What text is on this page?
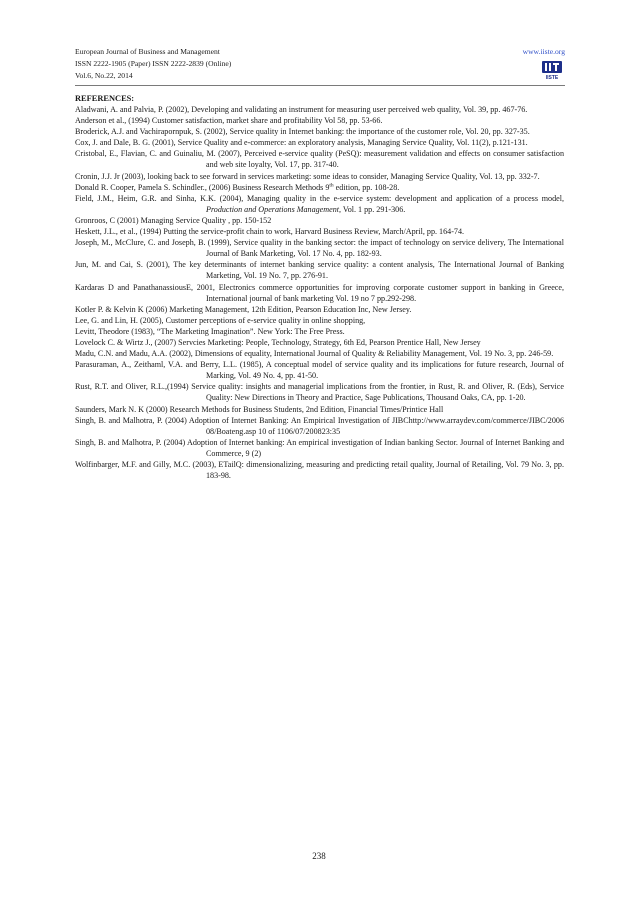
European Journal of Business and Management
ISSN 2222-1905 (Paper) ISSN 2222-2839 (Online)
Vol.6, No.22, 2014
www.iiste.org
IISTE
REFERENCES:

Aladwani, A. and Palvia, P. (2002), Developing and validating an instrument for measuring user perceived web quality, Vol. 39, pp. 467-76.

Anderson et al., (1994) Customer satisfaction, market share and profitability Vol 58, pp. 53-66.

Broderick, A.J. and Vachirapornpuk, S. (2002), Service quality in Internet banking: the importance of the customer role, Vol. 20, pp. 327-35.

Cox, J. and Dale, B. G. (2001), Service Quality and e-commerce: an exploratory analysis, Managing Service Quality, Vol. 11(2), p.121-131.

Cristobal, E., Flavian, C. and Guinaliu, M. (2007), Perceived e-service quality (PeSQ): measurement validation and effects on consumer satisfaction and web site loyalty, Vol. 17, pp. 317-40.

Cronin, J.J. Jr (2003), looking back to see forward in services marketing: some ideas to consider, Managing Service Quality, Vol. 13, pp. 332-7.

Donald R. Cooper, Pamela S. Schindler., (2006) Business Research Methods 9th edition, pp. 108-28.

Field, J.M., Heim, G.R. and Sinha, K.K. (2004), Managing quality in the e-service system: development and application of a process model, Production and Operations Management, Vol. 1 pp. 291-306.

Gronroos, C (2001) Managing Service Quality , pp. 150-152

Heskett, J.L., et al., (1994) Putting the service-profit chain to work, Harvard Business Review, March/April, pp. 164-74.

Joseph, M., McClure, C. and Joseph, B. (1999), Service quality in the banking sector: the impact of technology on service delivery, The International Journal of Bank Marketing, Vol. 17 No. 4, pp. 182-93.

Jun, M. and Cai, S. (2001), The key determinants of internet banking service quality: a content analysis, The International Journal of Banking Marketing, Vol. 19 No. 7, pp. 276-91.

Kardaras D and PanathanassiousE, 2001, Electronics commerce opportunities for improving corporate customer support in banking in Greece, International journal of bank marketing Vol. 19 no 7 pp.292-298.

Kotler P. & Kelvin K (2006) Marketing Management, 12th Edition, Pearson Education Inc, New Jersey.

Lee, G. and Lin, H. (2005), Customer perceptions of e-service quality in online shopping,

Levitt, Theodore (1983), “The Marketing Imagination”. New York: The Free Press.

Lovelock C. & Wirtz J., (2007) Servcies Marketing: People, Technology, Strategy, 6th Ed, Pearson Prentice Hall, New Jersey

Madu, C.N. and Madu, A.A. (2002), Dimensions of equality, International Journal of Quality & Reliability Management, Vol. 19 No. 3, pp. 246-59.

Parasuraman, A., Zeithaml, V.A. and Berry, L.L. (1985), A conceptual model of service quality and its implications for future research, Journal of Marking, Vol. 49 No. 4, pp. 41-50.

Rust, R.T. and Oliver, R.L.,(1994) Service quality: insights and managerial implications from the frontier, in Rust, R. and Oliver, R. (Eds), Service Quality: New Directions in Theory and Practice, Sage Publications, Thousand Oaks, CA, pp. 1-20.

Saunders, Mark N. K (2000) Research Methods for Business Students, 2nd Edition, Financial Times/Printice Hall

Singh, B. and Malhotra, P. (2004) Adoption of Internet Banking: An Empirical Investigation of JIBChttp://www.arraydev.com/commerce/JIBC/2006 08/Boateng.asp 10 of 1106/07/200823:35

Singh, B. and Malhotra, P. (2004) Adoption of Internet banking: An empirical investigation of Indian banking Sector. Journal of Internet Banking and Commerce, 9 (2)

Wolfinbarger, M.F. and Gilly, M.C. (2003), ETailQ: dimensionalizing, measuring and predicting retail quality, Journal of Retailing, Vol. 79 No. 3, pp. 183-98.

238
